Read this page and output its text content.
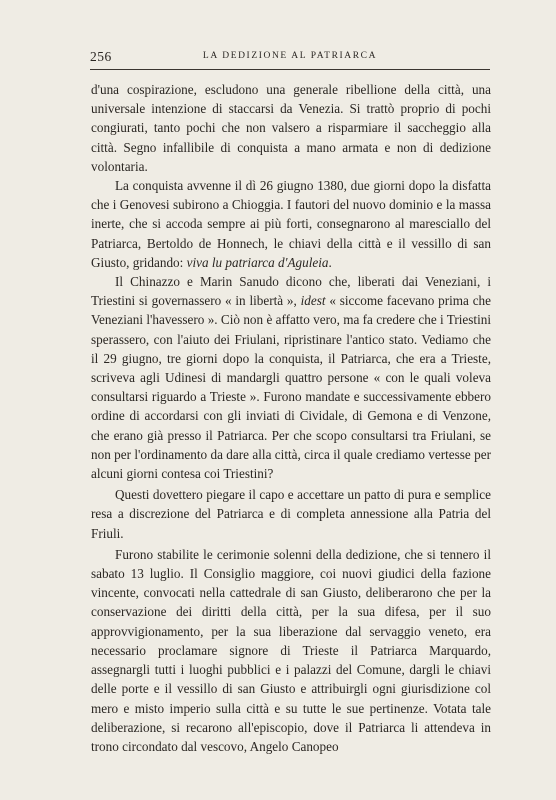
256	LA DEDIZIONE AL PATRIARCA

d'una cospirazione, escludono una generale ribellione della città, una universale intenzione di staccarsi da Venezia. Si trattò proprio di pochi congiurati, tanto pochi che non valsero a risparmiare il saccheggio alla città. Segno infallibile di conquista a mano armata e non di dedizione volontaria.

La conquista avvenne il dì 26 giugno 1380, due giorni dopo la disfatta che i Genovesi subirono a Chioggia. I fautori del nuovo dominio e la massa inerte, che si accoda sempre ai più forti, consegnarono al maresciallo del Patriarca, Bertoldo de Honnech, le chiavi della città e il vessillo di san Giusto, gridando: viva lu patriarca d'Aguleia.

Il Chinazzo e Marin Sanudo dicono che, liberati dai Veneziani, i Triestini si governassero « in libertà », idest « siccome facevano prima che Veneziani l'havessero ». Ciò non è affatto vero, ma fa credere che i Triestini sperassero, con l'aiuto dei Friulani, ripristinare l'antico stato. Vediamo che il 29 giugno, tre giorni dopo la conquista, il Patriarca, che era a Trieste, scriveva agli Udinesi di mandargli quattro persone « con le quali voleva consultarsi riguardo a Trieste ». Furono mandate e successivamente ebbero ordine di accordarsi con gli inviati di Cividale, di Gemona e di Venzone, che erano già presso il Patriarca. Per che scopo consultarsi tra Friulani, se non per l'ordinamento da dare alla città, circa il quale crediamo vertesse per alcuni giorni contesa coi Triestini?

Questi dovettero piegare il capo e accettare un patto di pura e semplice resa a discrezione del Patriarca e di completa annessione alla Patria del Friuli.

Furono stabilite le cerimonie solenni della dedizione, che si tennero il sabato 13 luglio. Il Consiglio maggiore, coi nuovi giudici della fazione vincente, convocati nella cattedrale di san Giusto, deliberarono che per la conservazione dei diritti della città, per la sua difesa, per il suo approvvigionamento, per la sua liberazione dal servaggio veneto, era necessario proclamare signore di Trieste il Patriarca Marquardo, assegnargli tutti i luoghi pubblici e i palazzi del Comune, dargli le chiavi delle porte e il vessillo di san Giusto e attribuirgli ogni giurisdizione col mero e misto imperio sulla città e su tutte le sue pertinenze. Votata tale deliberazione, si recarono all'episcopio, dove il Patriarca li attendeva in trono circondato dal vescovo, Angelo Canopeo
